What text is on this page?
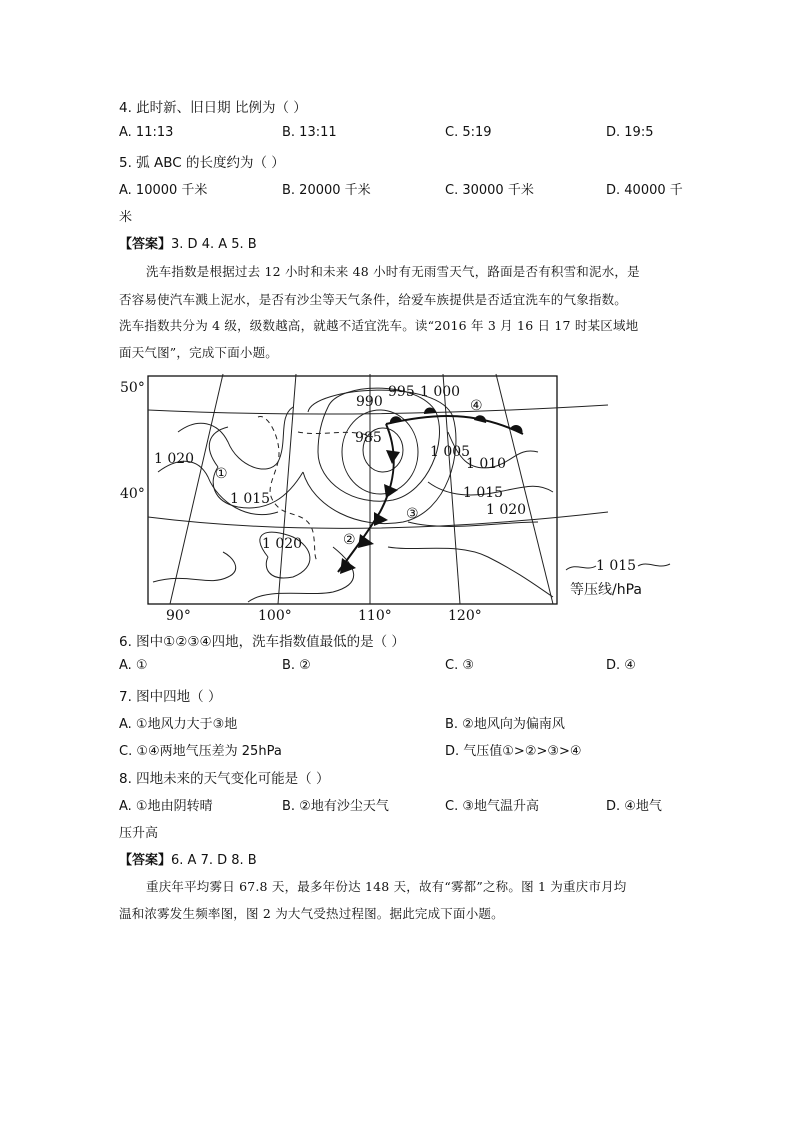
4. 此时新、旧日期 比例为（ ）
A. 11:13	B. 13:11	C. 5:19	D. 19:5
5. 弧 ABC 的长度约为（ ）
A. 10000 千米	B. 20000 千米	C. 30000 千米	D. 40000 千
米
【答案】3. D 4. A 5. B
洗车指数是根据过去 12 小时和未来 48 小时有无雨雪天气，路面是否有积雪和泥水，是
否容易使汽车溅上泥水，是否有沙尘等天气条件，给爱车族提供是否适宜洗车的气象指数。
洗车指数共分为 4 级，级数越高，就越不适宜洗车。读“2016 年 3 月 16 日 17 时某区域地
面天气图”，完成下面小题。
50°
40°
90°	100°	110°	120°
990
995 1 000
985
1 005
1 010
1 015
1 020
1 020
1 015
1 020
①
②
③
④
1 015
等压线/hPa
6. 图中①②③④四地，洗车指数值最低的是（ ）
A. ①	B. ②	C. ③	D. ④
7. 图中四地（ ）
A. ①地风力大于③地	B. ②地风向为偏南风
C. ①④两地气压差为 25hPa	D. 气压值①>②>③>④
8. 四地未来的天气变化可能是（ ）
A. ①地由阴转晴	B. ②地有沙尘天气	C. ③地气温升高	D. ④地气
压升高
【答案】6. A 7. D 8. B
重庆年平均雾日 67.8 天，最多年份达 148 天，故有“雾都”之称。图 1 为重庆市月均
温和浓雾发生频率图，图 2 为大气受热过程图。据此完成下面小题。
